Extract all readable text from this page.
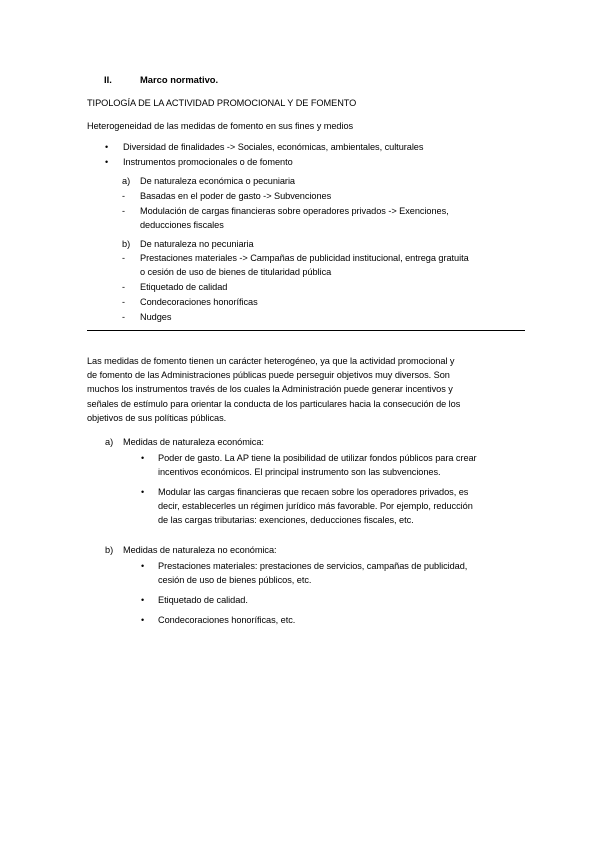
II.	Marco normativo.
TIPOLOGÍA DE LA ACTIVIDAD PROMOCIONAL Y DE FOMENTO
Heterogeneidad de las medidas de fomento en sus fines y medios
• Diversidad de finalidades -> Sociales, económicas, ambientales, culturales
• Instrumentos promocionales o de fomento
a) De naturaleza económica o pecuniaria
- Basadas en el poder de gasto -> Subvenciones
- Modulación de cargas financieras sobre operadores privados -> Exenciones,
deducciones fiscales
b) De naturaleza no pecuniaria
- Prestaciones materiales -> Campañas de publicidad institucional, entrega gratuita
o cesión de uso de bienes de titularidad pública
- Etiquetado de calidad
- Condecoraciones honoríficas
- Nudges
Las medidas de fomento tienen un carácter heterogéneo, ya que la actividad promocional y
de fomento de las Administraciones públicas puede perseguir objetivos muy diversos. Son
muchos los instrumentos través de los cuales la Administración puede generar incentivos y
señales de estímulo para orientar la conducta de los particulares hacia la consecución de los
objetivos de sus políticas públicas.
a) Medidas de naturaleza económica:
• Poder de gasto. La AP tiene la posibilidad de utilizar fondos públicos para crear
incentivos económicos. El principal instrumento son las subvenciones.
• Modular las cargas financieras que recaen sobre los operadores privados, es
decir, establecerles un régimen jurídico más favorable. Por ejemplo, reducción
de las cargas tributarias: exenciones, deducciones fiscales, etc.
b) Medidas de naturaleza no económica:
• Prestaciones materiales: prestaciones de servicios, campañas de publicidad,
cesión de uso de bienes públicos, etc.
• Etiquetado de calidad.
• Condecoraciones honoríficas, etc.
